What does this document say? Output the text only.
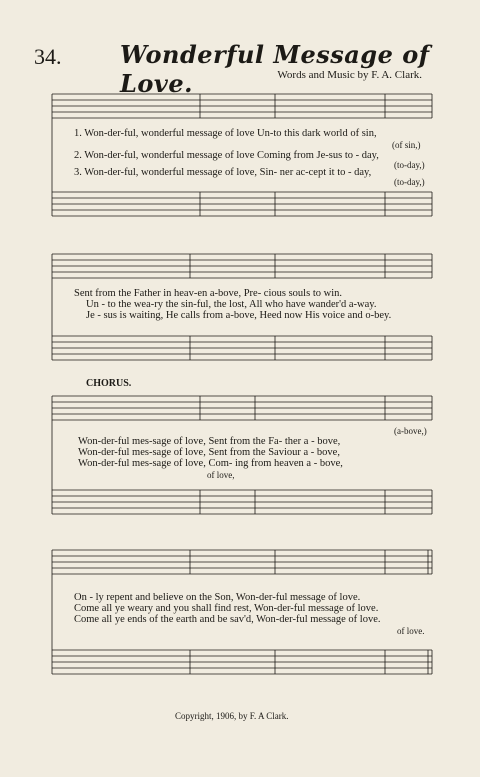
34. Wonderful Message of Love.	Words and Music by F. A. Clark.
1. Won-der-ful, wonderful message of love Un-to this dark world of sin,
2. Won-der-ful, wonderful message of love Coming from Je-sus to - day,
3. Won-der-ful, wonderful message of love, Sin- ner ac-cept it to - day,
(of sin,)
(to-day,)
(to-day,)
Sent from the Father in heav-en a-bove, Pre- cious souls to win.
Un - to the wea-ry the sin-ful, the lost, All who have wander'd a-way.
Je - sus is waiting, He calls from a-bove, Heed now His voice and o-bey.
CHORUS.
(a-bove,)
Won-der-ful mes-sage of love, Sent from the Fa- ther a - bove,
Won-der-ful mes-sage of love, Sent from the Saviour a - bove,
Won-der-ful mes-sage of love, Com- ing from heaven a - bove,
of love,
On - ly repent and believe on the Son, Won-der-ful message of love.
Come all ye weary and you shall find rest, Won-der-ful message of love.
Come all ye ends of the earth and be sav'd, Won-der-ful message of love.
of love.
Copyright, 1906, by F. A Clark.
